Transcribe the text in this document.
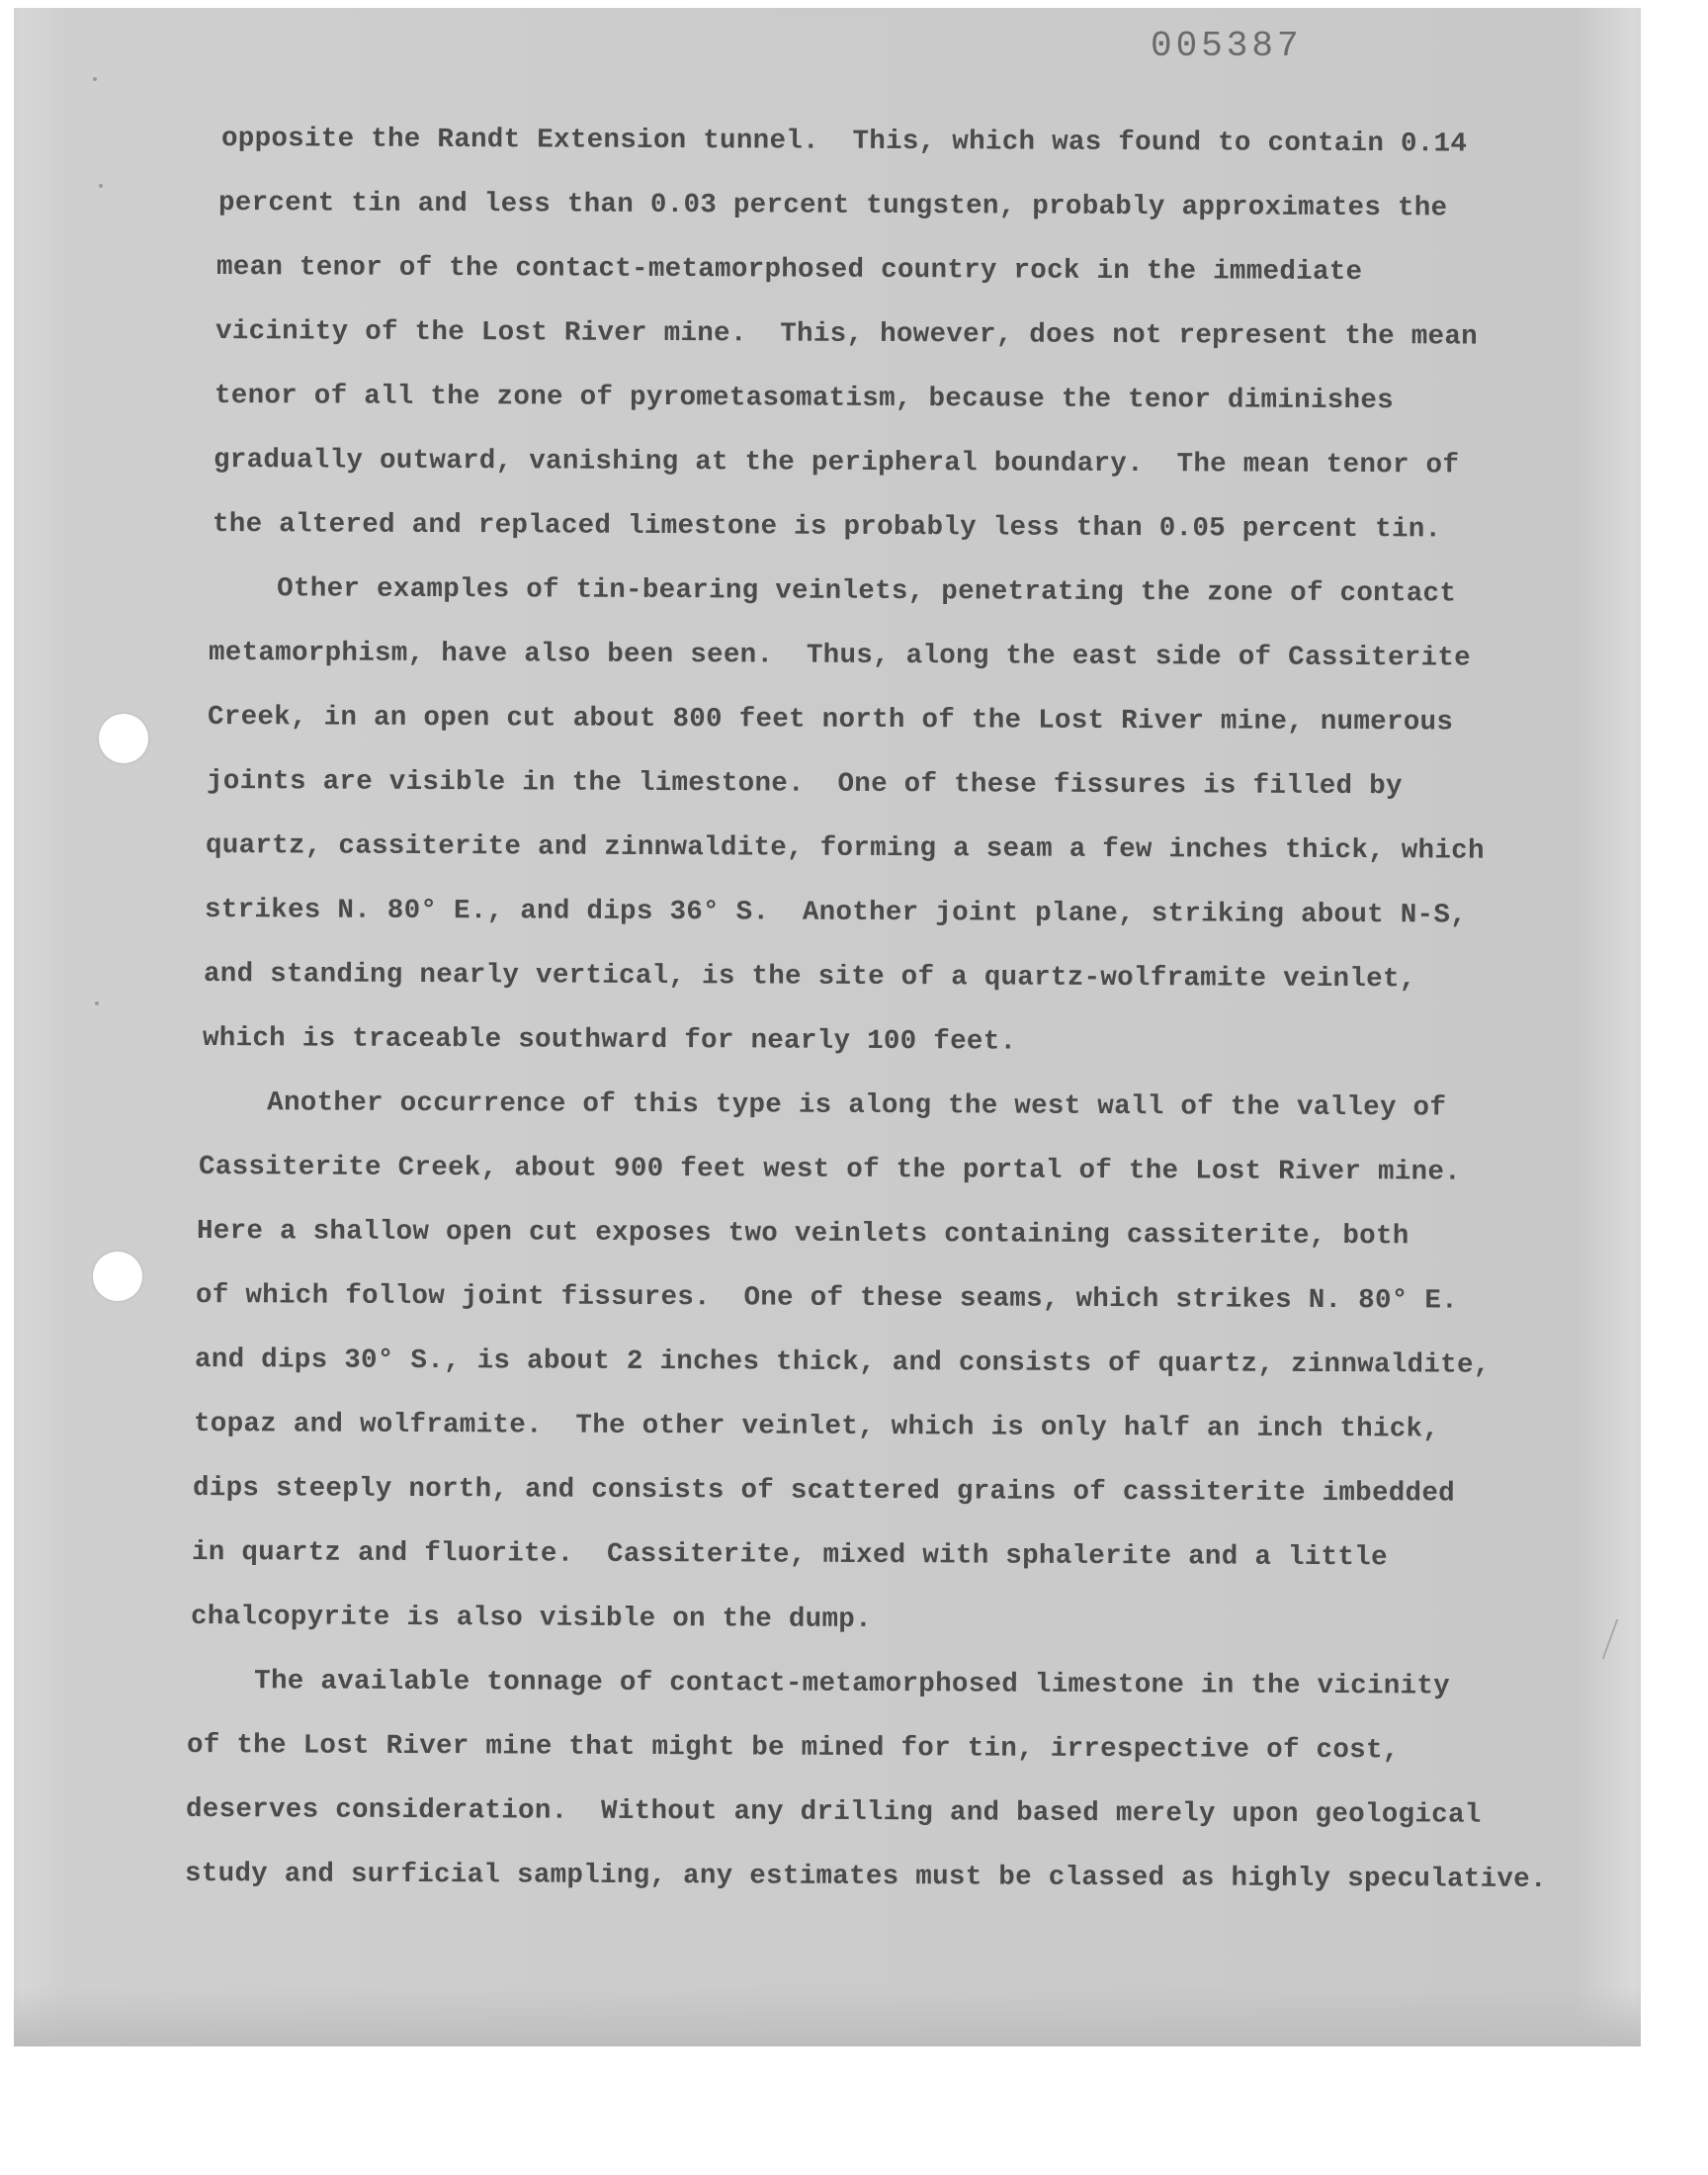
005387
opposite the Randt Extension tunnel.  This, which was found to contain 0.14
percent tin and less than 0.03 percent tungsten, probably approximates the
mean tenor of the contact-metamorphosed country rock in the immediate
vicinity of the Lost River mine.  This, however, does not represent the mean
tenor of all the zone of pyrometasomatism, because the tenor diminishes
gradually outward, vanishing at the peripheral boundary.  The mean tenor of
the altered and replaced limestone is probably less than 0.05 percent tin.
Other examples of tin-bearing veinlets, penetrating the zone of contact
metamorphism, have also been seen.  Thus, along the east side of Cassiterite
Creek, in an open cut about 800 feet north of the Lost River mine, numerous
joints are visible in the limestone.  One of these fissures is filled by
quartz, cassiterite and zinnwaldite, forming a seam a few inches thick, which
strikes N. 80° E., and dips 36° S.  Another joint plane, striking about N-S,
and standing nearly vertical, is the site of a quartz-wolframite veinlet,
which is traceable southward for nearly 100 feet.
Another occurrence of this type is along the west wall of the valley of
Cassiterite Creek, about 900 feet west of the portal of the Lost River mine.
Here a shallow open cut exposes two veinlets containing cassiterite, both
of which follow joint fissures.  One of these seams, which strikes N. 80° E.
and dips 30° S., is about 2 inches thick, and consists of quartz, zinnwaldite,
topaz and wolframite.  The other veinlet, which is only half an inch thick,
dips steeply north, and consists of scattered grains of cassiterite imbedded
in quartz and fluorite.  Cassiterite, mixed with sphalerite and a little
chalcopyrite is also visible on the dump.
The available tonnage of contact-metamorphosed limestone in the vicinity
of the Lost River mine that might be mined for tin, irrespective of cost,
deserves consideration.  Without any drilling and based merely upon geological
study and surficial sampling, any estimates must be classed as highly speculative.
